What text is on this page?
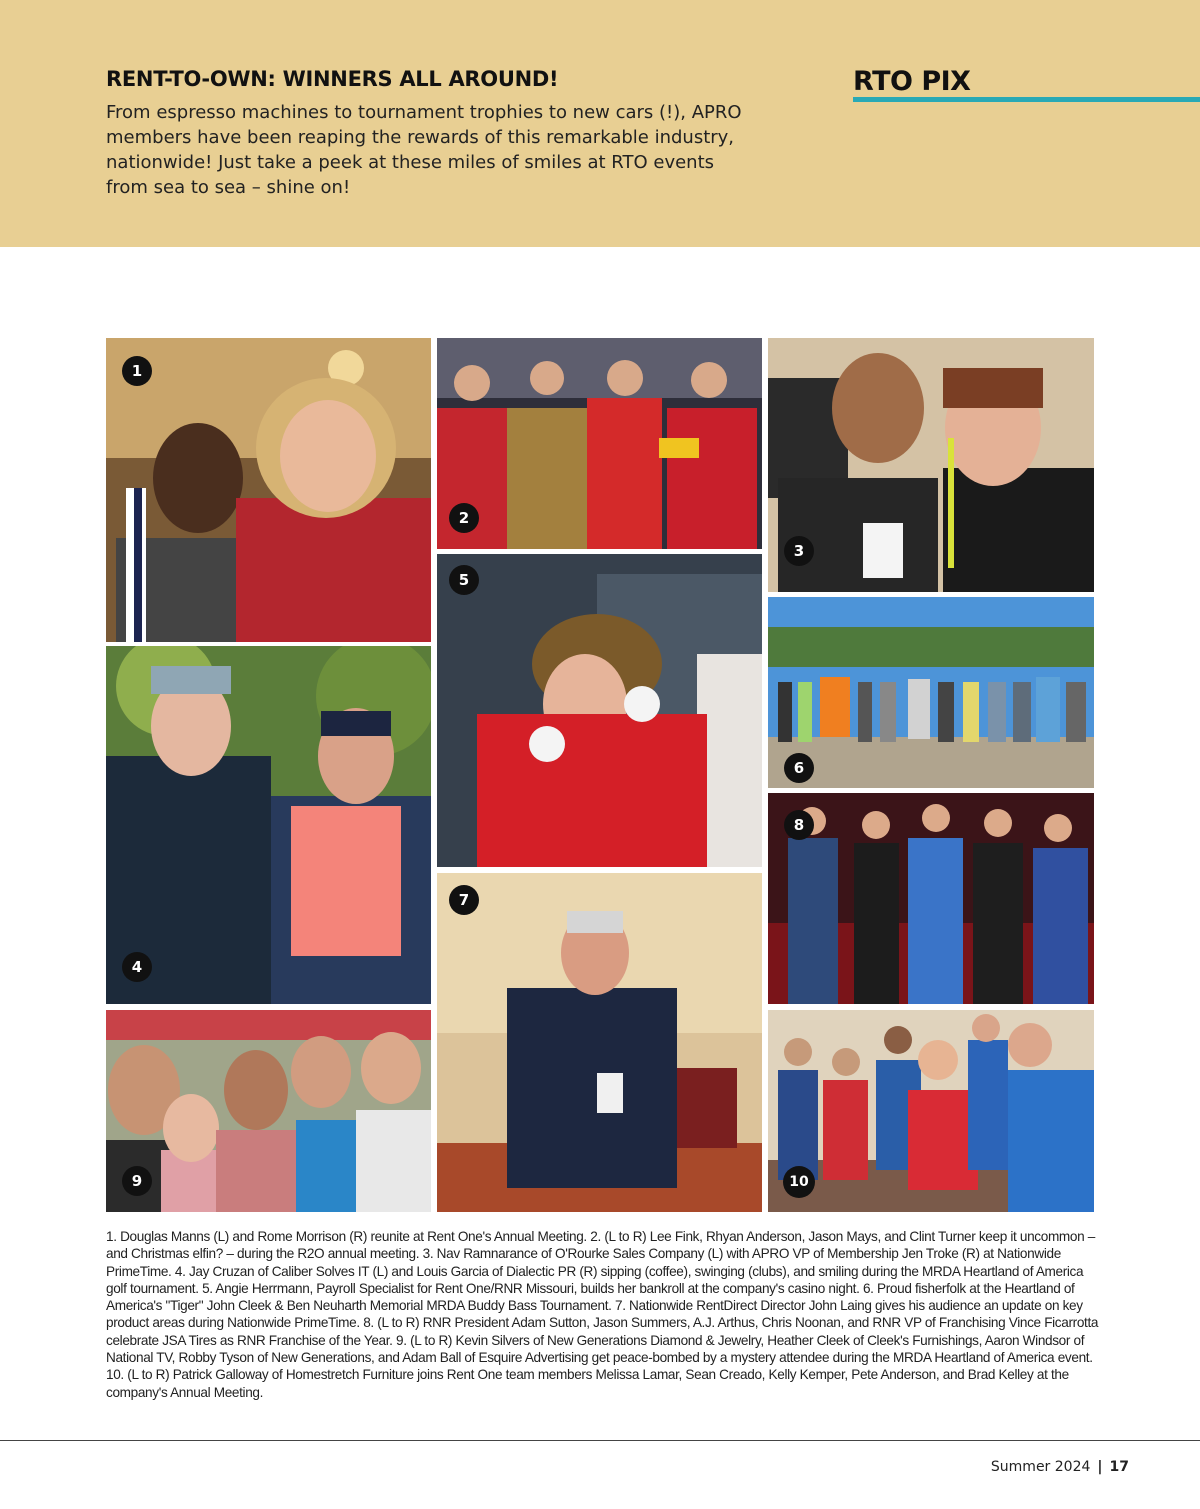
RENT-TO-OWN: WINNERS ALL AROUND!

From espresso machines to tournament trophies to new cars (!), APRO members have been reaping the rewards of this remarkable industry, nationwide! Just take a peek at these miles of smiles at RTO events from sea to sea – shine on!

RTO PIX
1
2
3
4
5
6
7
8
9	10

1. Douglas Manns (L) and Rome Morrison (R) reunite at Rent One's Annual Meeting. 2. (L to R) Lee Fink, Rhyan Anderson, Jason Mays, and Clint Turner keep it uncommon – and Christmas elfin? – during the R2O annual meeting. 3. Nav Ramnarance of O'Rourke Sales Company (L) with APRO VP of Membership Jen Troke (R) at Nationwide PrimeTime. 4. Jay Cruzan of Caliber Solves IT (L) and Louis Garcia of Dialectic PR (R) sipping (coffee), swinging (clubs), and smiling during the MRDA Heartland of America golf tournament. 5. Angie Herrmann, Payroll Specialist for Rent One/RNR Missouri, builds her bankroll at the company's casino night. 6. Proud fisherfolk at the Heartland of America's "Tiger" John Cleek & Ben Neuharth Memorial MRDA Buddy Bass Tournament. 7. Nationwide RentDirect Director John Laing gives his audience an update on key product areas during Nationwide PrimeTime. 8. (L to R) RNR President Adam Sutton, Jason Summers, A.J. Arthus, Chris Noonan, and RNR VP of Franchising Vince Ficarrotta celebrate JSA Tires as RNR Franchise of the Year. 9. (L to R) Kevin Silvers of New Generations Diamond & Jewelry, Heather Cleek of Cleek's Furnishings, Aaron Windsor of National TV, Robby Tyson of New Generations, and Adam Ball of Esquire Advertising get peace-bombed by a mystery attendee during the MRDA Heartland of America event. 10. (L to R) Patrick Galloway of Homestretch Furniture joins Rent One team members Melissa Lamar, Sean Creado, Kelly Kemper, Pete Anderson, and Brad Kelley at the company's Annual Meeting.

Summer 2024 | 17
